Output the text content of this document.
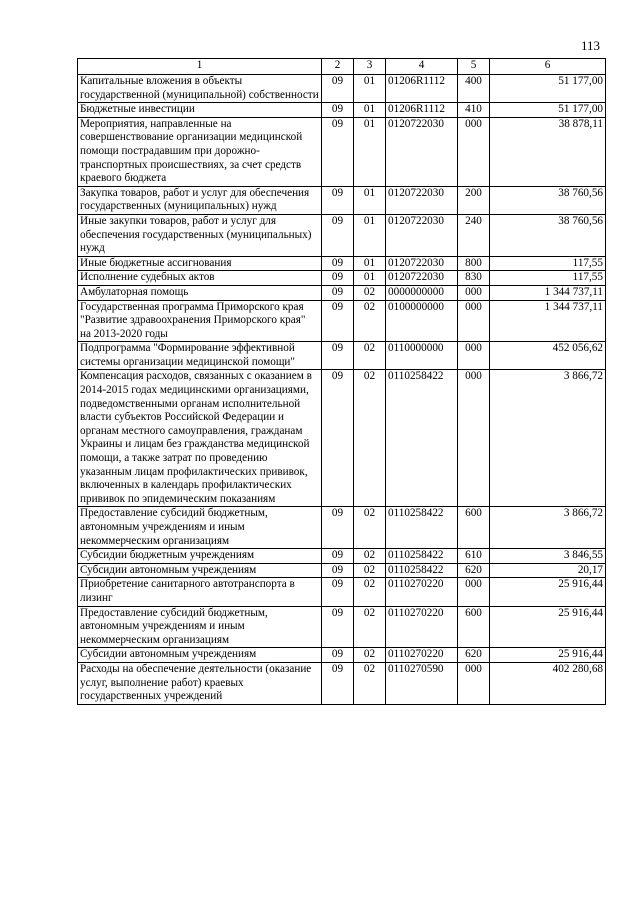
113
1	2	3	4	5	6
Капитальные вложения в объекты государственной (муниципальной) собственности	09	01	01206R1112	400	51 177,00
Бюджетные инвестиции	09	01	01206R1112	410	51 177,00
Мероприятия, направленные на совершенствование организации медицинской помощи пострадавшим при дорожно-транспортных происшествиях, за счет средств краевого бюджета	09	01	0120722030	000	38 878,11
Закупка товаров, работ и услуг для обеспечения государственных (муниципальных) нужд	09	01	0120722030	200	38 760,56
Иные закупки товаров, работ и услуг для обеспечения государственных (муниципальных) нужд	09	01	0120722030	240	38 760,56
Иные бюджетные ассигнования	09	01	0120722030	800	117,55
Исполнение судебных актов	09	01	0120722030	830	117,55
Амбулаторная помощь	09	02	0000000000	000	1 344 737,11
Государственная программа Приморского края "Развитие здравоохранения Приморского края" на 2013-2020 годы	09	02	0100000000	000	1 344 737,11
Подпрограмма "Формирование эффективной системы организации медицинской помощи"	09	02	0110000000	000	452 056,62
Компенсация расходов, связанных с оказанием в 2014-2015 годах медицинскими организациями, подведомственными органам исполнительной власти субъектов Российской Федерации и органам местного самоуправления, гражданам Украины и лицам без гражданства медицинской помощи, а также затрат по проведению указанным лицам профилактических прививок, включенных в календарь профилактических прививок по эпидемическим показаниям	09	02	0110258422	000	3 866,72
Предоставление субсидий бюджетным, автономным учреждениям и иным некоммерческим организациям	09	02	0110258422	600	3 866,72
Субсидии бюджетным учреждениям	09	02	0110258422	610	3 846,55
Субсидии автономным учреждениям	09	02	0110258422	620	20,17
Приобретение санитарного автотранспорта в лизинг	09	02	0110270220	000	25 916,44
Предоставление субсидий бюджетным, автономным учреждениям и иным некоммерческим организациям	09	02	0110270220	600	25 916,44
Субсидии автономным учреждениям	09	02	0110270220	620	25 916,44
Расходы на обеспечение деятельности (оказание услуг, выполнение работ) краевых государственных учреждений	09	02	0110270590	000	402 280,68
